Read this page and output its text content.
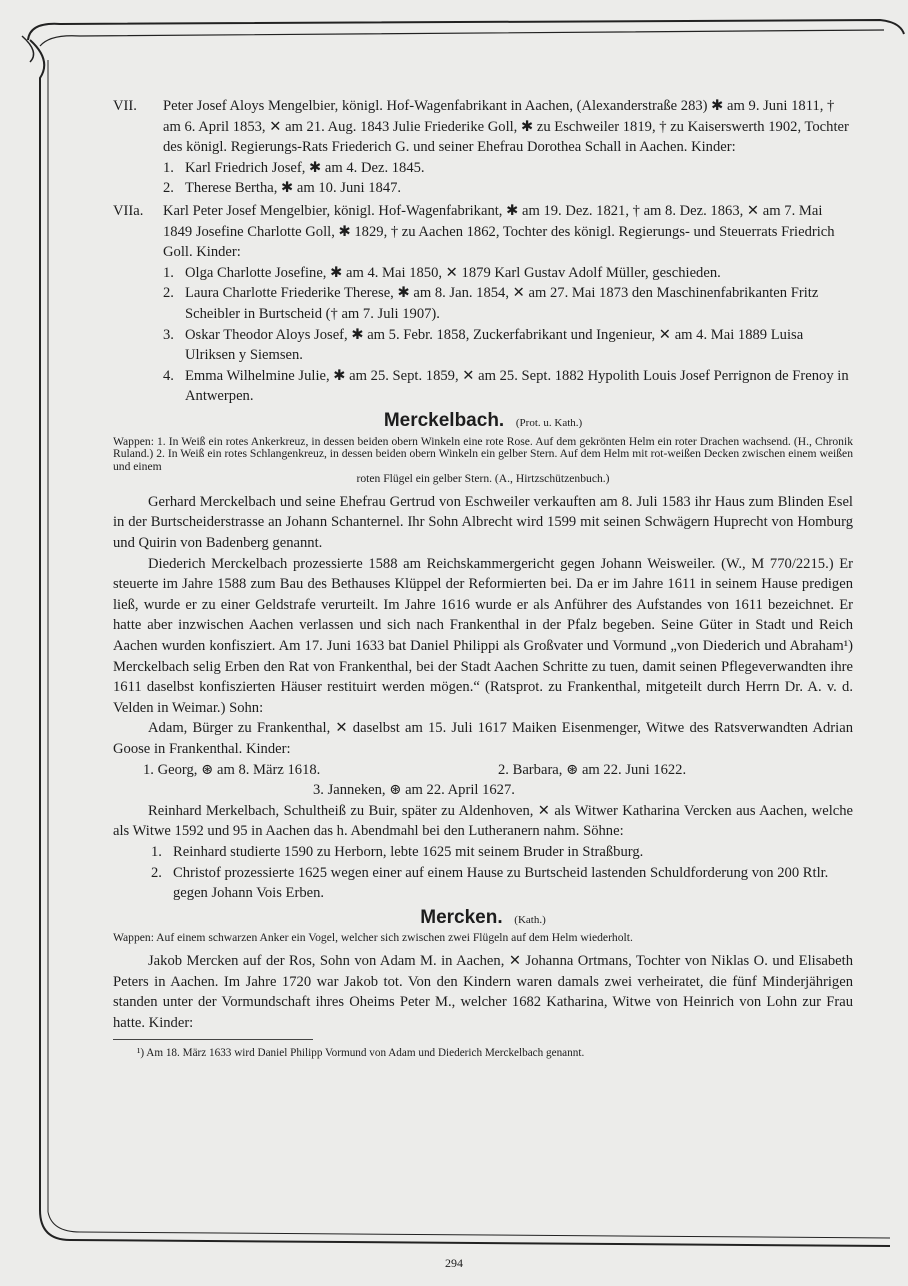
VII. Peter Josef Aloys Mengelbier, königl. Hof-Wagenfabrikant in Aachen, (Alexanderstraße 283) ✱ am 9. Juni 1811, † am 6. April 1853, ✕ am 21. Aug. 1843 Julie Friederike Goll, ✱ zu Eschweiler 1819, † zu Kaiserswerth 1902, Tochter des königl. Regierungs-Rats Friederich G. und seiner Ehefrau Dorothea Schall in Aachen. Kinder:
1. Karl Friedrich Josef, ✱ am 4. Dez. 1845.
2. Therese Bertha, ✱ am 10. Juni 1847.
VIIa. Karl Peter Josef Mengelbier, königl. Hof-Wagenfabrikant, ✱ am 19. Dez. 1821, † am 8. Dez. 1863, ✕ am 7. Mai 1849 Josefine Charlotte Goll, ✱ 1829, † zu Aachen 1862, Tochter des königl. Regierungs- und Steuerrats Friedrich Goll. Kinder:
1. Olga Charlotte Josefine, ✱ am 4. Mai 1850, ✕ 1879 Karl Gustav Adolf Müller, geschieden.
2. Laura Charlotte Friederike Therese, ✱ am 8. Jan. 1854, ✕ am 27. Mai 1873 den Maschinenfabrikanten Fritz Scheibler in Burtscheid († am 7. Juli 1907).
3. Oskar Theodor Aloys Josef, ✱ am 5. Febr. 1858, Zuckerfabrikant und Ingenieur, ✕ am 4. Mai 1889 Luisa Ulriksen y Siemsen.
4. Emma Wilhelmine Julie, ✱ am 25. Sept. 1859, ✕ am 25. Sept. 1882 Hypolith Louis Josef Perrignon de Frenoy in Antwerpen.
Merckelbach. (Prot. u. Kath.)
Wappen: 1. In Weiß ein rotes Ankerkreuz, in dessen beiden obern Winkeln eine rote Rose. Auf dem gekrönten Helm ein roter Drachen wachsend. (H., Chronik Ruland.) 2. In Weiß ein rotes Schlangenkreuz, in dessen beiden obern Winkeln ein gelber Stern. Auf dem Helm mit rot-weißen Decken zwischen einem weißen und einem
roten Flügel ein gelber Stern. (A., Hirtzschützenbuch.)

Gerhard Merckelbach und seine Ehefrau Gertrud von Eschweiler verkauften am 8. Juli 1583 ihr Haus zum Blinden Esel in der Burtscheiderstrasse an Johann Schanternel. Ihr Sohn Albrecht wird 1599 mit seinen Schwägern Huprecht von Homburg und Quirin von Badenberg genannt.

Diederich Merckelbach prozessierte 1588 am Reichskammergericht gegen Johann Weisweiler. (W., M 770/2215.) Er steuerte im Jahre 1588 zum Bau des Bethauses Klüppel der Reformierten bei. Da er im Jahre 1611 in seinem Hause predigen ließ, wurde er zu einer Geldstrafe verurteilt. Im Jahre 1616 wurde er als Anführer des Aufstandes von 1611 bezeichnet. Er hatte aber inzwischen Aachen verlassen und sich nach Frankenthal in der Pfalz begeben. Seine Güter in Stadt und Reich Aachen wurden konfisziert. Am 17. Juni 1633 bat Daniel Philippi als Großvater und Vormund „von Diederich und Abraham¹) Merckelbach selig Erben den Rat von Frankenthal, bei der Stadt Aachen Schritte zu tuen, damit seinen Pflegeverwandten ihre 1611 daselbst konfiszierten Häuser restituirt werden mögen.“ (Ratsprot. zu Frankenthal, mitgeteilt durch Herrn Dr. A. v. d. Velden in Weimar.) Sohn:

Adam, Bürger zu Frankenthal, ✕ daselbst am 15. Juli 1617 Maiken Eisenmenger, Witwe des Ratsverwandten Adrian Goose in Frankenthal. Kinder:

1. Georg, ⊛ am 8. März 1618.	2. Barbara, ⊛ am 22. Juni 1622.
3. Janneken, ⊛ am 22. April 1627.

Reinhard Merkelbach, Schultheiß zu Buir, später zu Aldenhoven, ✕ als Witwer Katharina Vercken aus Aachen, welche als Witwe 1592 und 95 in Aachen das h. Abendmahl bei den Lutheranern nahm. Söhne:

1. Reinhard studierte 1590 zu Herborn, lebte 1625 mit seinem Bruder in Straßburg.
2. Christof prozessierte 1625 wegen einer auf einem Hause zu Burtscheid lastenden Schuldforderung von 200 Rtlr. gegen Johann Vois Erben.
Mercken. (Kath.)
Wappen: Auf einem schwarzen Anker ein Vogel, welcher sich zwischen zwei Flügeln auf dem Helm wiederholt.

Jakob Mercken auf der Ros, Sohn von Adam M. in Aachen, ✕ Johanna Ortmans, Tochter von Niklas O. und Elisabeth Peters in Aachen. Im Jahre 1720 war Jakob tot. Von den Kindern waren damals zwei verheiratet, die fünf Minderjährigen standen unter der Vormundschaft ihres Oheims Peter M., welcher 1682 Katharina, Witwe von Heinrich von Lohn zur Frau hatte. Kinder:

¹) Am 18. März 1633 wird Daniel Philipp Vormund von Adam und Diederich Merckelbach genannt.
294
